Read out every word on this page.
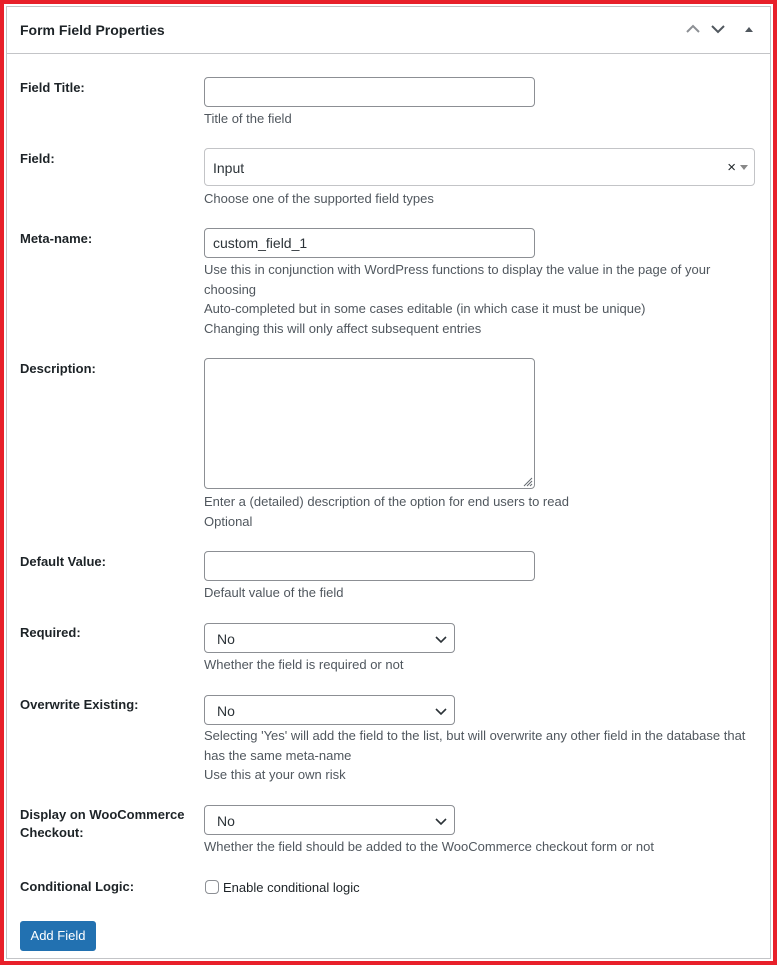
Form Field Properties
Field Title:
Title of the field
Field:
Input	×
Choose one of the supported field types
Meta-name:
custom_field_1
Use this in conjunction with WordPress functions to display the value in the page of your
choosing
Auto-completed but in some cases editable (in which case it must be unique)
Changing this will only affect subsequent entries
Description:
Enter a (detailed) description of the option for end users to read
Optional
Default Value:
Default value of the field
Required:	No
Whether the field is required or not
Overwrite Existing:	No
Selecting 'Yes' will add the field to the list, but will overwrite any other field in the database that
has the same meta-name
Use this at your own risk
Display on WooCommerce
Checkout:
No
Whether the field should be added to the WooCommerce checkout form or not
Conditional Logic:	Enable conditional logic
Add Field
